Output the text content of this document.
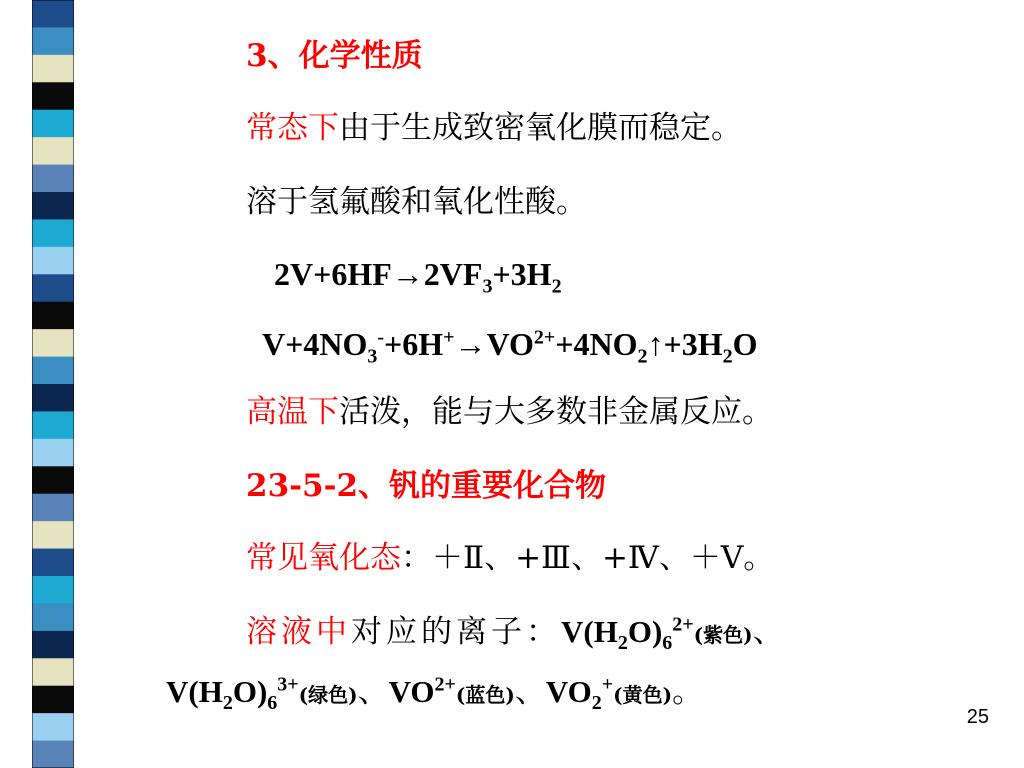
3、化学性质
常态下由于生成致密氧化膜而稳定。
溶于氢氟酸和氧化性酸。
$2V+6HF\to 2VF_3+3H_2$
$V+4NO_3^-+6H^+\to VO^{2+}+4NO_2↑+3H_2O$
高温下活泼，能与大多数非金属反应。
23-5-2、钒的重要化合物
常见氧化态：＋Ⅱ、+Ⅲ、+Ⅳ、＋Ⅴ。
溶液中对应的离子：$V(H_2O)_6^{2+}$(紫色)、
$V(H_2O)_6^{3+}$(绿色)、$VO^{2+}$(蓝色)、$VO_2^+$(黄色)。
25
